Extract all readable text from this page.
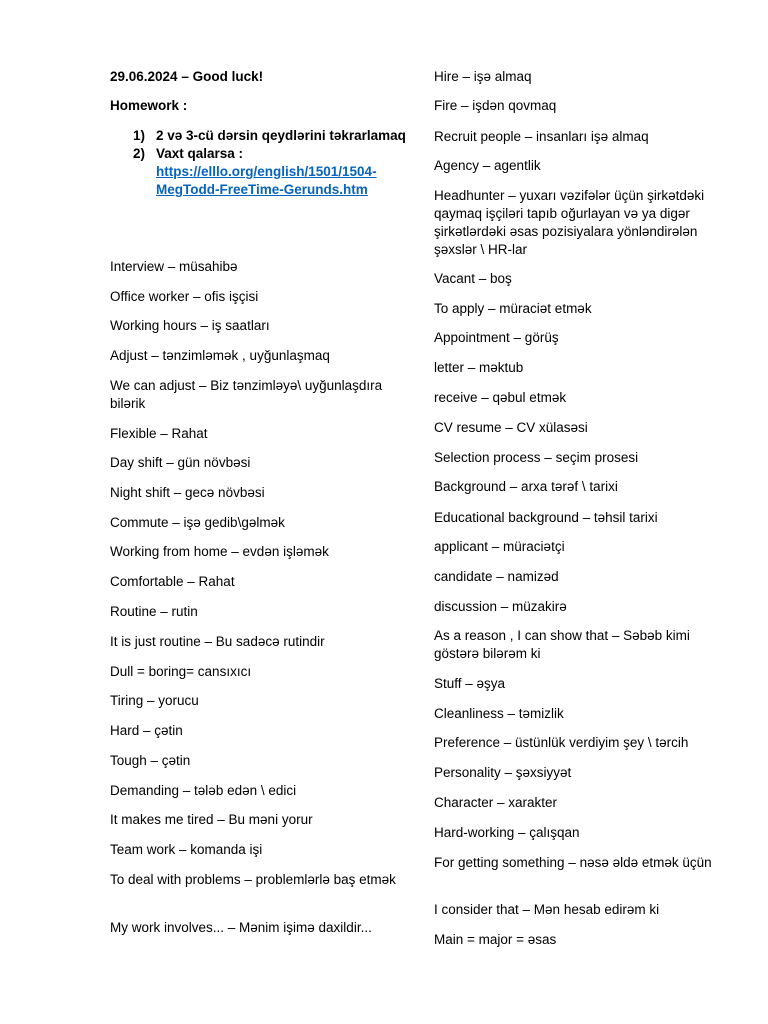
29.06.2024 – Good luck!
Homework :
1) 2 və 3-cü dərsin qeydlərini təkrarlamaq
2) Vaxt qalarsa :
https://elllo.org/english/1501/1504-MegTodd-FreeTime-Gerunds.htm
Interview – müsahibə
Office worker – ofis işçisi
Working hours – iş saatları
Adjust – tənzimləmək , uyğunlaşmaq
We can adjust – Biz tənzimləyə\ uyğunlaşdıra bilərik
Flexible – Rahat
Day shift – gün növbəsi
Night shift – gecə növbəsi
Commute – işə gedib\gəlmək
Working from home – evdən işləmək
Comfortable – Rahat
Routine – rutin
It is just routine – Bu sadəcə rutindir
Dull = boring= cansıxıcı
Tiring – yorucu
Hard – çətin
Tough – çətin
Demanding – tələb edən \ edici
It makes me tired – Bu məni yorur
Team work – komanda işi
To deal with problems – problemlərlə baş etmək
My work involves... – Mənim işimə daxildir...
Hire – işə almaq
Fire – işdən qovmaq
Recruit people – insanları işə almaq
Agency – agentlik
Headhunter – yuxarı vəzifələr üçün şirkətdəki qaymaq işçiləri tapıb oğurlayan və ya digər şirkətlərdəki əsas pozisiyalara yönləndirələn şəxslər \ HR-lar
Vacant – boş
To apply – müraciət etmək
Appointment – görüş
letter – məktub
receive – qəbul etmək
CV resume – CV xülasəsi
Selection process – seçim prosesi
Background – arxa tərəf \ tarixi
Educational background – təhsil tarixi
applicant – müraciətçi
candidate – namizəd
discussion – müzakirə
As a reason , I can show that – Səbəb kimi göstərə bilərəm ki
Stuff – əşya
Cleanliness – təmizlik
Preference – üstünlük verdiyim şey \ tərcih
Personality – şəxsiyyət
Character – xarakter
Hard-working – çalışqan
For getting something – nəsə əldə etmək üçün
I consider that – Mən hesab edirəm ki
Main = major = əsas
